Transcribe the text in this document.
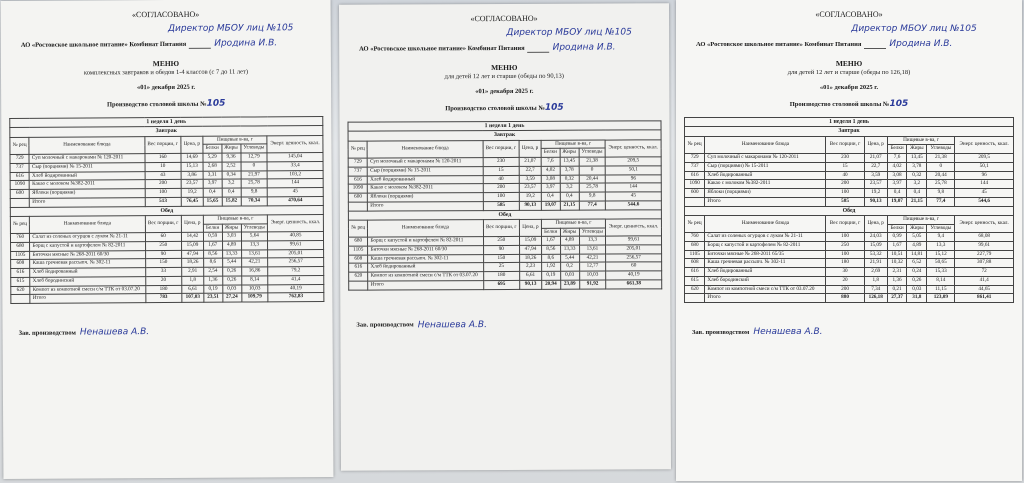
«СОГЛАСОВАНО»
Директор МБОУ лиц №105
АО «Ростовское школьное питание» Комбинат Питания	Иродина И.В.
МЕНЮ
комплексных завтраков и обедов 1-4 классов (с 7 до 11 лет)
«01» декабря 2025 г.
Производство столовой школы №105
1 неделя 1 день							
Завтрак							
№ рец	Наименование блюда	Вес порции, г	Цена, р	Пищевые в-ва, г			Энерг. ценность, ккал.
				Белки	Жиры	Углеводы	
729	Суп молочный с макаронами № 120-2011	160	14,69	5,29	9,36	12,79	145,04
737	Сыр (порциями) № 15-2011	10	15,13	2,68	2,52	0	33,4
616	Хлеб йодированный	43	3,86	3,31	0,34	21,97	103,2
1090	Какао с молоком №382-2011	200	23,57	3,97	3,2	25,78	144
600	Яблоки (порциями)	100	19,2	0,4	0,4	9,8	45
	Итого	513	76,45	15,65	15,82	70,34	470,64
Обед							
№ рец	Наименование блюда	Вес порции, г	Цена, р	Пищевые в-ва, г			Энерг. ценность, ккал.
				Белки	Жиры	Углеводы	
760	Салат из соленых огурцов с луком № 21-11	60	14,42	0,59	3,03	5,64	40,85
680	Борщ с капустой и картофелем № 82-2011	250	15,09	1,67	4,89	13,3	99,61
1105	Биточки мясные № 268-2011 60/30	90	47,94	8,56	13,33	13,61	205,01
608	Каша гречневая рассыпч. № 302-11	150	18,26	8,6	5,44	42,21	256,57
616	Хлеб йодированный	33	2,91	2,54	0,26	16,86	79,2
615	Хлеб бородинский	20	1,8	1,36	0,26	8,14	41,4
620	Компот из компотной смеси с/м ТТК от 03.07.20	180	6,61	0,19	0,03	10,03	40,19
	Итого	783	107,03	23,51	27,24	109,79	762,83
Зав. производством Ненашева А.В.
«СОГЛАСОВАНО»
Директор МБОУ лиц №105
АО «Ростовское школьное питание» Комбинат Питания	Иродина И.В.
МЕНЮ
для детей 12 лет и старше (обеды по 90,13)
«01» декабря 2025 г.
Производство столовой школы №105
1 неделя 1 день							
Завтрак							
№ рец	Наименование блюда	Вес порции, г	Цена, р	Пищевые в-ва, г			Энерг. ценность, ккал.
				Белки	Жиры	Углеводы	
729	Суп молочный с макаронами № 120-2011	230	21,07	7,6	13,45	21,38	209,5
737	Сыр (порциями) № 15-2011	15	22,7	4,02	3,78	0	50,1
616	Хлеб йодированный	40	3,59	3,08	0,32	20,44	96
1090	Какао с молоком №382-2011	200	23,57	3,97	3,2	25,78	144
600	Яблоки (порциями)	100	19,2	0,4	0,4	9,8	45
	Итого	585	90,13	19,07	21,15	77,4	544,6
Обед							
№ рец	Наименование блюда	Вес порции, г	Цена, р	Пищевые в-ва, г			Энерг. ценность, ккал.
				Белки	Жиры	Углеводы	
680	Борщ с капустой и картофелем № 82-2011	250	15,09	1,67	4,89	13,3	99,61
1105	Биточки мясные № 268-2011 60/30	90	47,94	8,56	13,33	13,61	205,01
608	Каша гречневая рассыпч. № 302-11	150	18,26	8,6	5,44	42,21	256,57
616	Хлеб йодированный	25	2,23	1,92	0,2	12,77	60
620	Компот из компотной смеси с/м ТТК от 03.07.20	180	6,61	0,19	0,03	10,03	40,19
	Итого	695	90,13	20,94	23,89	91,92	661,38
Зав. производством Ненашева А.В.
«СОГЛАСОВАНО»
Директор МБОУ лиц №105
АО «Ростовское школьное питание» Комбинат Питания	Иродина И.В.
МЕНЮ
для детей 12 лет и старше (обеды по 126,18)
«01» декабря 2025 г.
Производство столовой школы №105
1 неделя 1 день							
Завтрак							
№ рец	Наименование блюда	Вес порции, г	Цена, р	Пищевые в-ва, г			Энерг. ценность, ккал.
				Белки	Жиры	Углеводы	
729	Суп молочный с макаронами № 120-2011	230	21,07	7,6	13,45	21,38	209,5
737	Сыр (порциями) № 15-2011	15	22,7	4,02	3,78	0	50,1
616	Хлеб йодированный	40	3,59	3,08	0,32	20,44	96
1090	Какао с молоком №382-2011	200	23,57	3,97	3,2	25,78	144
600	Яблоки (порциями)	100	19,2	0,4	0,4	9,8	45
	Итого	585	90,13	19,07	21,15	77,4	544,6
Обед							
№ рец	Наименование блюда	Вес порции, г	Цена, р	Пищевые в-ва, г			Энерг. ценность, ккал.
				Белки	Жиры	Углеводы	
760	Салат из соленых огурцов с луком № 21-11	100	24,03	0,99	5,05	9,4	68,08
680	Борщ с капустой и картофелем № 82-2011	250	15,09	1,67	4,89	13,3	99,61
1105	Биточки мясные № 268-2011 65/35	100	53,32	10,51	14,81	15,12	227,79
608	Каша гречневая рассыпч. № 302-11	180	21,91	10,32	6,52	50,65	307,88
616	Хлеб йодированный	30	2,69	2,31	0,24	15,33	72
615	Хлеб бородинский	20	1,8	1,36	0,26	8,14	41,4
620	Компот из компотной смеси с/м ТТК от 03.07.20	200	7,34	0,21	0,03	11,15	44,65
	Итого	880	126,18	27,37	31,8	123,09	861,41
Зав. производством Ненашева А.В.
